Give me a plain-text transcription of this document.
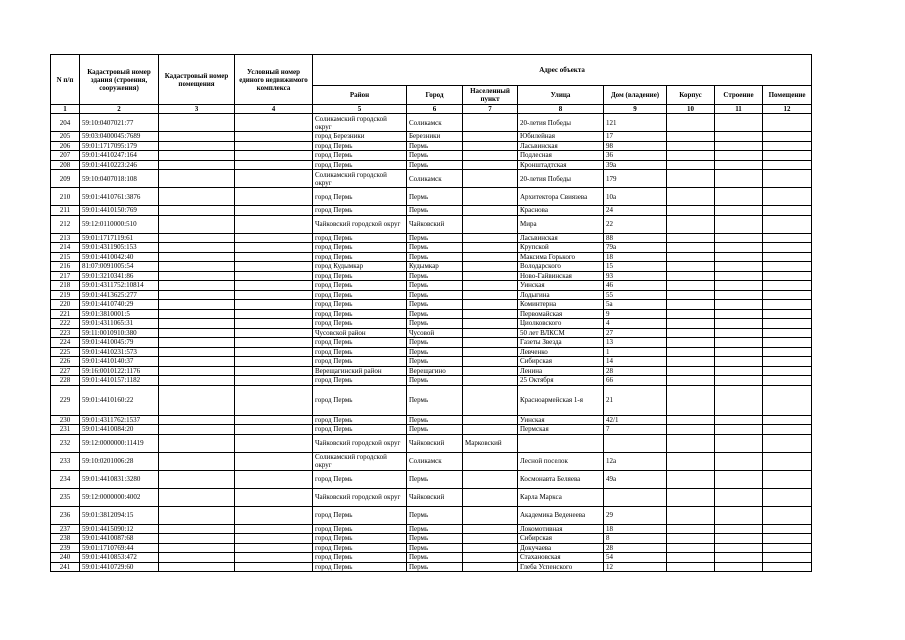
N п/п	Кадастровый номер здания (строения, сооружения)	Кадастровый номер помещения	Условный номер единого недвижимого комплекса	Адрес объекта							
				Район	Город	Населенный пункт	Улица	Дом (владение)	Корпус	Строение	Помещение
1	2	3	4	5	6	7	8	9	10	11	12
204	59:10:0407021:77			Соликамский городской округ	Соликамск		20-летия Победы	121			
205	59:03:0400045:7689			город Березники	Березники		Юбилейная	17			
206	59:01:1717095:179			город Пермь	Пермь		Ласьвинская	98			
207	59:01:4410247:164			город Пермь	Пермь		Подлесная	36			
208	59:01:4410223:246			город Пермь	Пермь		Кронштадтская	39а			
209	59:10:0407018:108			Соликамский городской округ	Соликамск		20-летия Победы	179			
210	59:01:4410761:3876			город Пермь	Пермь		Архитектора Свиязева	10а			
211	59:01:4410150:769			город Пермь	Пермь		Краснова	24			
212	59:12:0110000:510			Чайковский городской округ	Чайковский		Мира	22			
213	59:01:1717119:61			город Пермь	Пермь		Ласьвинская	88			
214	59:01:4311905:153			город Пермь	Пермь		Крупской	79а			
215	59:01:4410042:40			город Пермь	Пермь		Максима Горького	18			
216	81:07:0091005:54			город Кудымкар	Кудымкар		Володарского	15			
217	59:01:3210341:86			город Пермь	Пермь		Ново-Гайвинская	93			
218	59:01:4311752:10814			город Пермь	Пермь		Уинская	46			
219	59:01:4413625:277			город Пермь	Пермь		Лодыгина	55			
220	59:01:4410740:29			город Пермь	Пермь		Коминтерна	5а			
221	59:01:3810001:5			город Пермь	Пермь		Первомайская	9			
222	59:01:4311065:31			город Пермь	Пермь		Циолковского	4			
223	59:11:0010910:380			Чусовской район	Чусовой		50 лет ВЛКСМ	27			
224	59:01:4410045:79			город Пермь	Пермь		Газеты Звезда	13			
225	59:01:4410231:573			город Пермь	Пермь		Левченко	1			
226	59:01:4410140:37			город Пермь	Пермь		Сибирская	14			
227	59:16:0010122:1176			Верещагинский район	Верещагино		Ленина	28			
228	59:01:4410157:1182			город Пермь	Пермь		25 Октября	66			
229	59:01:4410160:22			город Пермь	Пермь		Красноармейская 1-я	21			
230	59:01:4311762:1537			город Пермь	Пермь		Уинская	42/1			
231	59:01:4410084:20			город Пермь	Пермь		Пермская	7			
232	59:12:0000000:11419			Чайковский городской округ	Чайковский	Марковский					
233	59:10:0201006:28			Соликамский городской округ	Соликамск		Лесной поселок	12а			
234	59:01:4410831:3280			город Пермь	Пермь		Космонавта Беляева	49а			
235	59:12:0000000:4002			Чайковский городской округ	Чайковский		Карла Маркса				
236	59:01:3812094:15			город Пермь	Пермь		Академика Веденеева	29			
237	59:01:4415090:12			город Пермь	Пермь		Локомотивная	18			
238	59:01:4410087:68			город Пермь	Пермь		Сибирская	8			
239	59:01:1710769:44			город Пермь	Пермь		Докучаева	28			
240	59:01:4410853:472			город Пермь	Пермь		Стахановская	54			
241	59:01:4410729:60			город Пермь	Пермь		Глеба Успенского	12			
